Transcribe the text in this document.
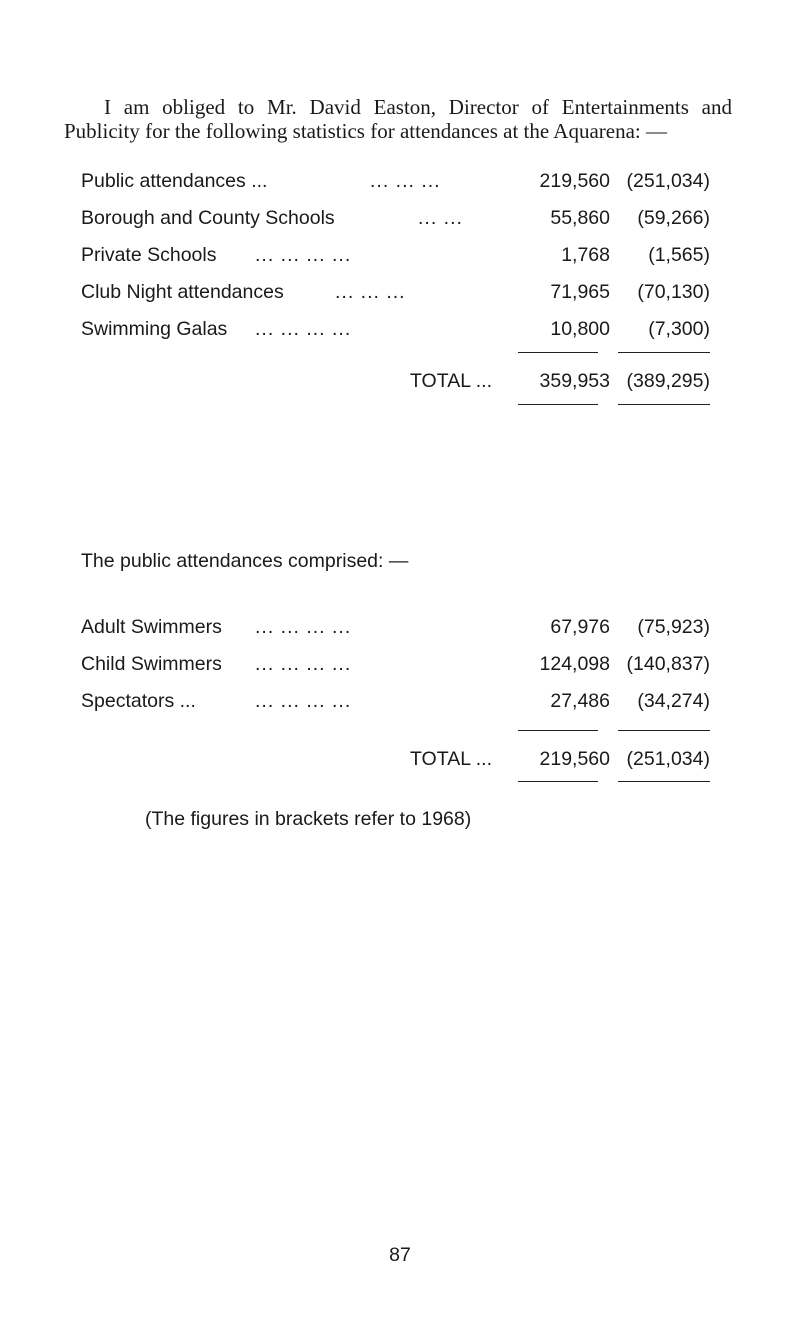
I am obliged to Mr. David Easton, Director of Entertainments and
Publicity for the following statistics for attendances at the Aquarena: —
Public attendances ...	... ... ...	219,560 (251,034)
Borough and County Schools	... ...	55,860	(59,266)
Private Schools ... ... ... ...	1,768	(1,565)
Club Night attendances	... ... ...	71,965	(70,130)
Swimming Galas ... ... ... ...	10,800	(7,300)
TOTAL ...	359,953 (389,295)
The public attendances comprised: —
Adult Swimmers ... ... ... ...	67,976	(75,923)
Child Swimmers ... ... ... ...	124,098 (140,837)
Spectators ...	... ... ... ...	27,486	(34,274)
TOTAL ...	219,560 (251,034)
(The figures in brackets refer to 1968)
87
